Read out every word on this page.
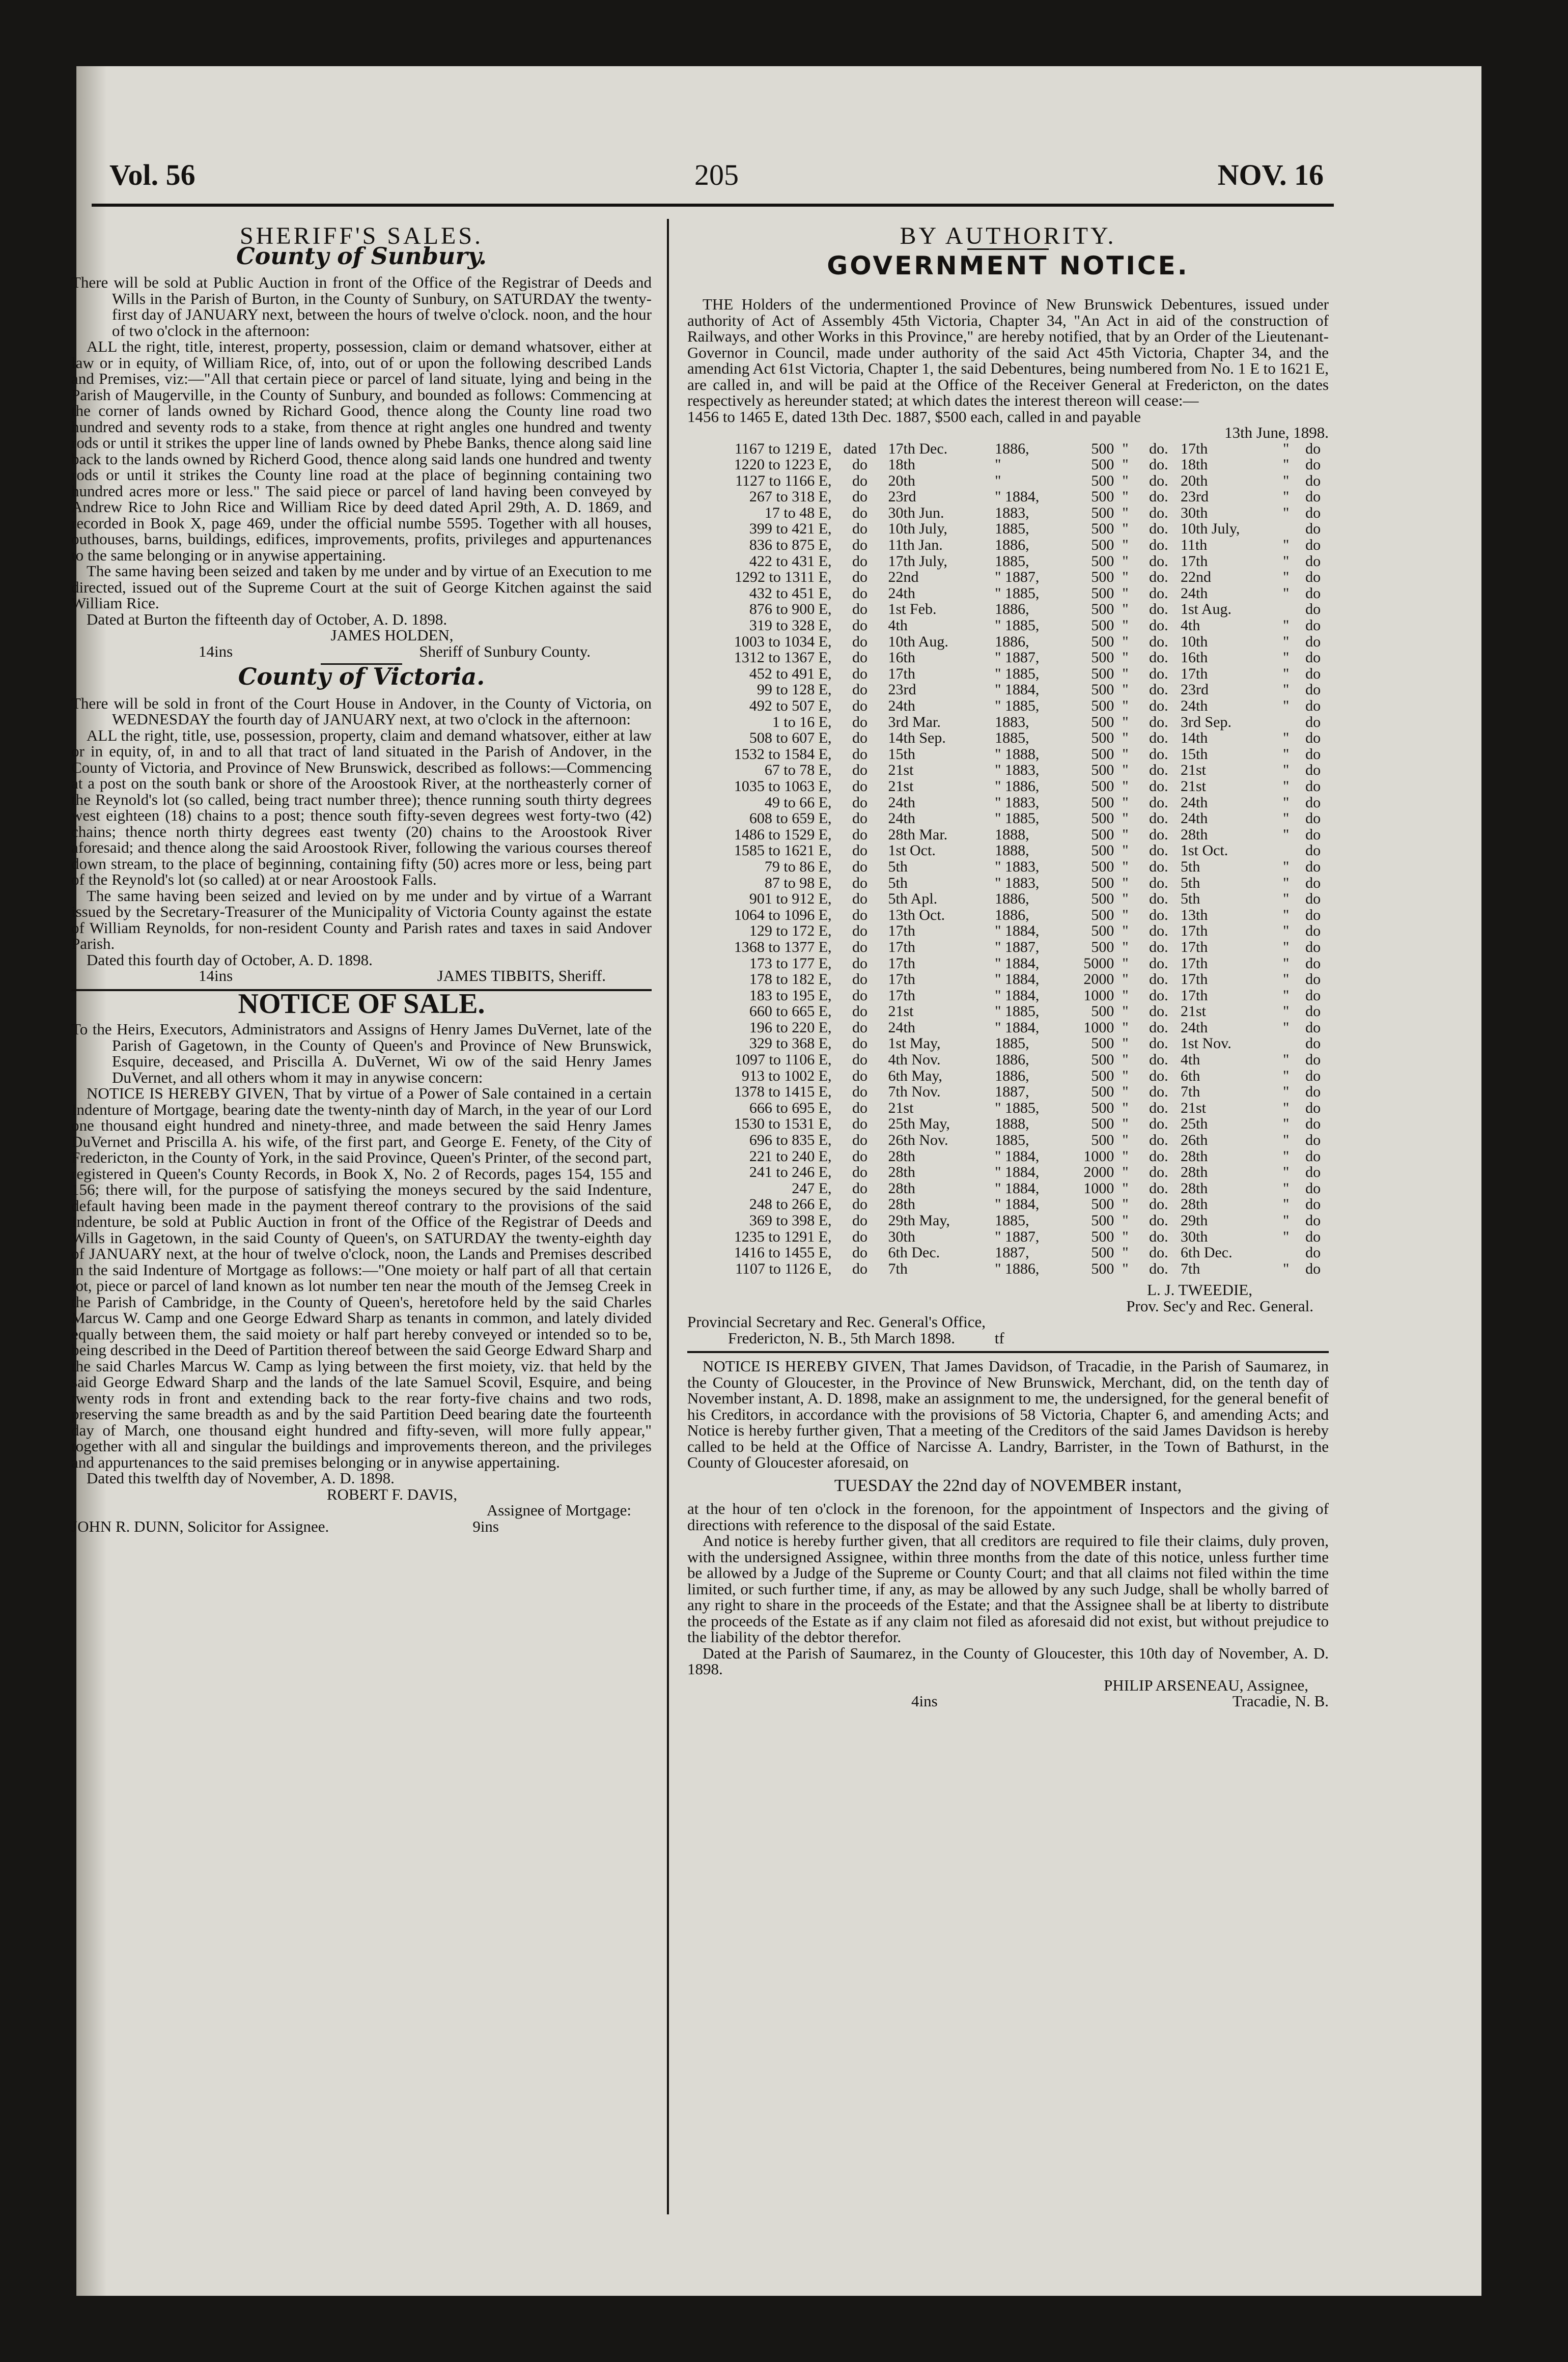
Vol. 56	205	NOV. 16
SHERIFF'S SALES.
County of Sunbury.

There will be sold at Public Auction in front of the Office of the Registrar of Deeds and Wills in the Parish of Burton, in the County of Sunbury, on SATURDAY the twenty-first day of JANUARY next, between the hours of twelve o'clock. noon, and the hour of two o'clock in the afternoon:

ALL the right, title, interest, property, possession, claim or demand whatsover, either at law or in equity, of William Rice, of, into, out of or upon the following described Lands and Premises, viz:—"All that certain piece or parcel of land situate, lying and being in the Parish of Maugerville, in the County of Sunbury, and bounded as follows: Commencing at the corner of lands owned by Richard Good, thence along the County line road two hundred and seventy rods to a stake, from thence at right angles one hundred and twenty rods or until it strikes the upper line of lands owned by Phebe Banks, thence along said line back to the lands owned by Richerd Good, thence along said lands one hundred and twenty rods or until it strikes the County line road at the place of beginning containing two hundred acres more or less." The said piece or parcel of land having been conveyed by Andrew Rice to John Rice and William Rice by deed dated April 29th, A. D. 1869, and recorded in Book X, page 469, under the official numbe 5595. Together with all houses, outhouses, barns, buildings, edifices, improvements, profits, privileges and appurtenances to the same belonging or in anywise appertaining.

The same having been seized and taken by me under and by virtue of an Execution to me directed, issued out of the Supreme Court at the suit of George Kitchen against the said William Rice.

Dated at Burton the fifteenth day of October, A. D. 1898.

JAMES HOLDEN,

14ins	Sheriff of Sunbury County.
County of Victoria.

There will be sold in front of the Court House in Andover, in the County of Victoria, on WEDNESDAY the fourth day of JANUARY next, at two o'clock in the afternoon:

ALL the right, title, use, possession, property, claim and demand whatsover, either at law or in equity, of, in and to all that tract of land situated in the Parish of Andover, in the County of Victoria, and Province of New Brunswick, described as follows:—Commencing at a post on the south bank or shore of the Aroostook River, at the northeasterly corner of the Reynold's lot (so called, being tract number three); thence running south thirty degrees west eighteen (18) chains to a post; thence south fifty-seven degrees west forty-two (42) chains; thence north thirty degrees east twenty (20) chains to the Aroostook River aforesaid; and thence along the said Aroostook River, following the various courses thereof down stream, to the place of beginning, containing fifty (50) acres more or less, being part of the Reynold's lot (so called) at or near Aroostook Falls.

The same having been seized and levied on by me under and by virtue of a Warrant issued by the Secretary-Treasurer of the Municipality of Victoria County against the estate of William Reynolds, for non-resident County and Parish rates and taxes in said Andover Parish.

Dated this fourth day of October, A. D. 1898.

14ins	JAMES TIBBITS, Sheriff.
NOTICE OF SALE.

To the Heirs, Executors, Administrators and Assigns of Henry James DuVernet, late of the Parish of Gagetown, in the County of Queen's and Province of New Brunswick, Esquire, deceased, and Priscilla A. DuVernet, Wi ow of the said Henry James DuVernet, and all others whom it may in anywise concern:

NOTICE IS HEREBY GIVEN, That by virtue of a Power of Sale contained in a certain Indenture of Mortgage, bearing date the twenty-ninth day of March, in the year of our Lord one thousand eight hundred and ninety-three, and made between the said Henry James DuVernet and Priscilla A. his wife, of the first part, and George E. Fenety, of the City of Fredericton, in the County of York, in the said Province, Queen's Printer, of the second part, registered in Queen's County Records, in Book X, No. 2 of Records, pages 154, 155 and 156; there will, for the purpose of satisfying the moneys secured by the said Indenture, default having been made in the payment thereof contrary to the provisions of the said Indenture, be sold at Public Auction in front of the Office of the Registrar of Deeds and Wills in Gagetown, in the said County of Queen's, on SATURDAY the twenty-eighth day of JANUARY next, at the hour of twelve o'clock, noon, the Lands and Premises described in the said Indenture of Mortgage as follows:—"One moiety or half part of all that certain lot, piece or parcel of land known as lot number ten near the mouth of the Jemseg Creek in the Parish of Cambridge, in the County of Queen's, heretofore held by the said Charles Marcus W. Camp and one George Edward Sharp as tenants in common, and lately divided equally between them, the said moiety or half part hereby conveyed or intended so to be, being described in the Deed of Partition thereof between the said George Edward Sharp and the said Charles Marcus W. Camp as lying between the first moiety, viz. that held by the said George Edward Sharp and the lands of the late Samuel Scovil, Esquire, and being twenty rods in front and extending back to the rear forty-five chains and two rods, preserving the same breadth as and by the said Partition Deed bearing date the fourteenth day of March, one thousand eight hundred and fifty-seven, will more fully appear," together with all and singular the buildings and improvements thereon, and the privileges and appurtenances to the said premises belonging or in anywise appertaining.

Dated this twelfth day of November, A. D. 1898.

ROBERT F. DAVIS,

Assignee of Mortgage:

JOHN R. DUNN, Solicitor for Assignee.	9ins
BY AUTHORITY.
GOVERNMENT NOTICE.

THE Holders of the undermentioned Province of New Brunswick Debentures, issued under authority of Act of Assembly 45th Victoria, Chapter 34, "An Act in aid of the construction of Railways, and other Works in this Province," are hereby notified, that by an Order of the Lieutenant-Governor in Council, made under authority of the said Act 45th Victoria, Chapter 34, and the amending Act 61st Victoria, Chapter 1, the said Debentures, being numbered from No. 1 E to 1621 E, are called in, and will be paid at the Office of the Receiver General at Fredericton, on the dates respectively as hereunder stated; at which dates the interest thereon will cease:—

1456 to 1465 E, dated 13th Dec. 1887, $500 each, called in and payable

13th June, 1898.

1167 to 1219 E,	dated	17th Dec.	1886,	500	"	do.	17th	"	do
1220 to 1223 E,	do	18th	"	500	"	do.	18th	"	do
1127 to 1166 E,	do	20th	"	500	"	do.	20th	"	do
267 to 318 E,	do	23rd	" 1884,	500	"	do.	23rd	"	do
17 to 48 E,	do	30th Jun.	1883,	500	"	do.	30th	"	do
399 to 421 E,	do	10th July,	1885,	500	"	do.	10th July,		do
836 to 875 E,	do	11th Jan.	1886,	500	"	do.	11th	"	do
422 to 431 E,	do	17th July,	1885,	500	"	do.	17th	"	do
1292 to 1311 E,	do	22nd	" 1887,	500	"	do.	22nd	"	do
432 to 451 E,	do	24th	" 1885,	500	"	do.	24th	"	do
876 to 900 E,	do	1st Feb.	1886,	500	"	do.	1st Aug.		do
319 to 328 E,	do	4th	" 1885,	500	"	do.	4th	"	do
1003 to 1034 E,	do	10th Aug.	1886,	500	"	do.	10th	"	do
1312 to 1367 E,	do	16th	" 1887,	500	"	do.	16th	"	do
452 to 491 E,	do	17th	" 1885,	500	"	do.	17th	"	do
99 to 128 E,	do	23rd	" 1884,	500	"	do.	23rd	"	do
492 to 507 E,	do	24th	" 1885,	500	"	do.	24th	"	do
1 to 16 E,	do	3rd Mar.	1883,	500	"	do.	3rd Sep.		do
508 to 607 E,	do	14th Sep.	1885,	500	"	do.	14th	"	do
1532 to 1584 E,	do	15th	" 1888,	500	"	do.	15th	"	do
67 to 78 E,	do	21st	" 1883,	500	"	do.	21st	"	do
1035 to 1063 E,	do	21st	" 1886,	500	"	do.	21st	"	do
49 to 66 E,	do	24th	" 1883,	500	"	do.	24th	"	do
608 to 659 E,	do	24th	" 1885,	500	"	do.	24th	"	do
1486 to 1529 E,	do	28th Mar.	1888,	500	"	do.	28th	"	do
1585 to 1621 E,	do	1st Oct.	1888,	500	"	do.	1st Oct.		do
79 to 86 E,	do	5th	" 1883,	500	"	do.	5th	"	do
87 to 98 E,	do	5th	" 1883,	500	"	do.	5th	"	do
901 to 912 E,	do	5th Apl.	1886,	500	"	do.	5th	"	do
1064 to 1096 E,	do	13th Oct.	1886,	500	"	do.	13th	"	do
129 to 172 E,	do	17th	" 1884,	500	"	do.	17th	"	do
1368 to 1377 E,	do	17th	" 1887,	500	"	do.	17th	"	do
173 to 177 E,	do	17th	" 1884,	5000	"	do.	17th	"	do
178 to 182 E,	do	17th	" 1884,	2000	"	do.	17th	"	do
183 to 195 E,	do	17th	" 1884,	1000	"	do.	17th	"	do
660 to 665 E,	do	21st	" 1885,	500	"	do.	21st	"	do
196 to 220 E,	do	24th	" 1884,	1000	"	do.	24th	"	do
329 to 368 E,	do	1st May,	1885,	500	"	do.	1st Nov.		do
1097 to 1106 E,	do	4th Nov.	1886,	500	"	do.	4th	"	do
913 to 1002 E,	do	6th May,	1886,	500	"	do.	6th	"	do
1378 to 1415 E,	do	7th Nov.	1887,	500	"	do.	7th	"	do
666 to 695 E,	do	21st	" 1885,	500	"	do.	21st	"	do
1530 to 1531 E,	do	25th May,	1888,	500	"	do.	25th	"	do
696 to 835 E,	do	26th Nov.	1885,	500	"	do.	26th	"	do
221 to 240 E,	do	28th	" 1884,	1000	"	do.	28th	"	do
241 to 246 E,	do	28th	" 1884,	2000	"	do.	28th	"	do
247 E,	do	28th	" 1884,	1000	"	do.	28th	"	do
248 to 266 E,	do	28th	" 1884,	500	"	do.	28th	"	do
369 to 398 E,	do	29th May,	1885,	500	"	do.	29th	"	do
1235 to 1291 E,	do	30th	" 1887,	500	"	do.	30th	"	do
1416 to 1455 E,	do	6th Dec.	1887,	500	"	do.	6th Dec.		do
1107 to 1126 E,	do	7th	" 1886,	500	"	do.	7th	"	do

L. J. TWEEDIE,

Prov. Sec'y and Rec. General.

Provincial Secretary and Rec. General's Office,

Fredericton, N. B., 5th March 1898.	tf

NOTICE IS HEREBY GIVEN, That James Davidson, of Tracadie, in the Parish of Saumarez, in the County of Gloucester, in the Province of New Brunswick, Merchant, did, on the tenth day of November instant, A. D. 1898, make an assignment to me, the undersigned, for the general benefit of his Creditors, in accordance with the provisions of 58 Victoria, Chapter 6, and amending Acts; and Notice is hereby further given, That a meeting of the Creditors of the said James Davidson is hereby called to be held at the Office of Narcisse A. Landry, Barrister, in the Town of Bathurst, in the County of Gloucester aforesaid, on

TUESDAY the 22nd day of NOVEMBER instant,

at the hour of ten o'clock in the forenoon, for the appointment of Inspectors and the giving of directions with reference to the disposal of the said Estate.

And notice is hereby further given, that all creditors are required to file their claims, duly proven, with the undersigned Assignee, within three months from the date of this notice, unless further time be allowed by a Judge of the Supreme or County Court; and that all claims not filed within the time limited, or such further time, if any, as may be allowed by any such Judge, shall be wholly barred of any right to share in the proceeds of the Estate; and that the Assignee shall be at liberty to distribute the proceeds of the Estate as if any claim not filed as aforesaid did not exist, but without prejudice to the liability of the debtor therefor.

Dated at the Parish of Saumarez, in the County of Gloucester, this 10th day of November, A. D. 1898.

PHILIP ARSENEAU, Assignee,

4ins	Tracadie, N. B.
